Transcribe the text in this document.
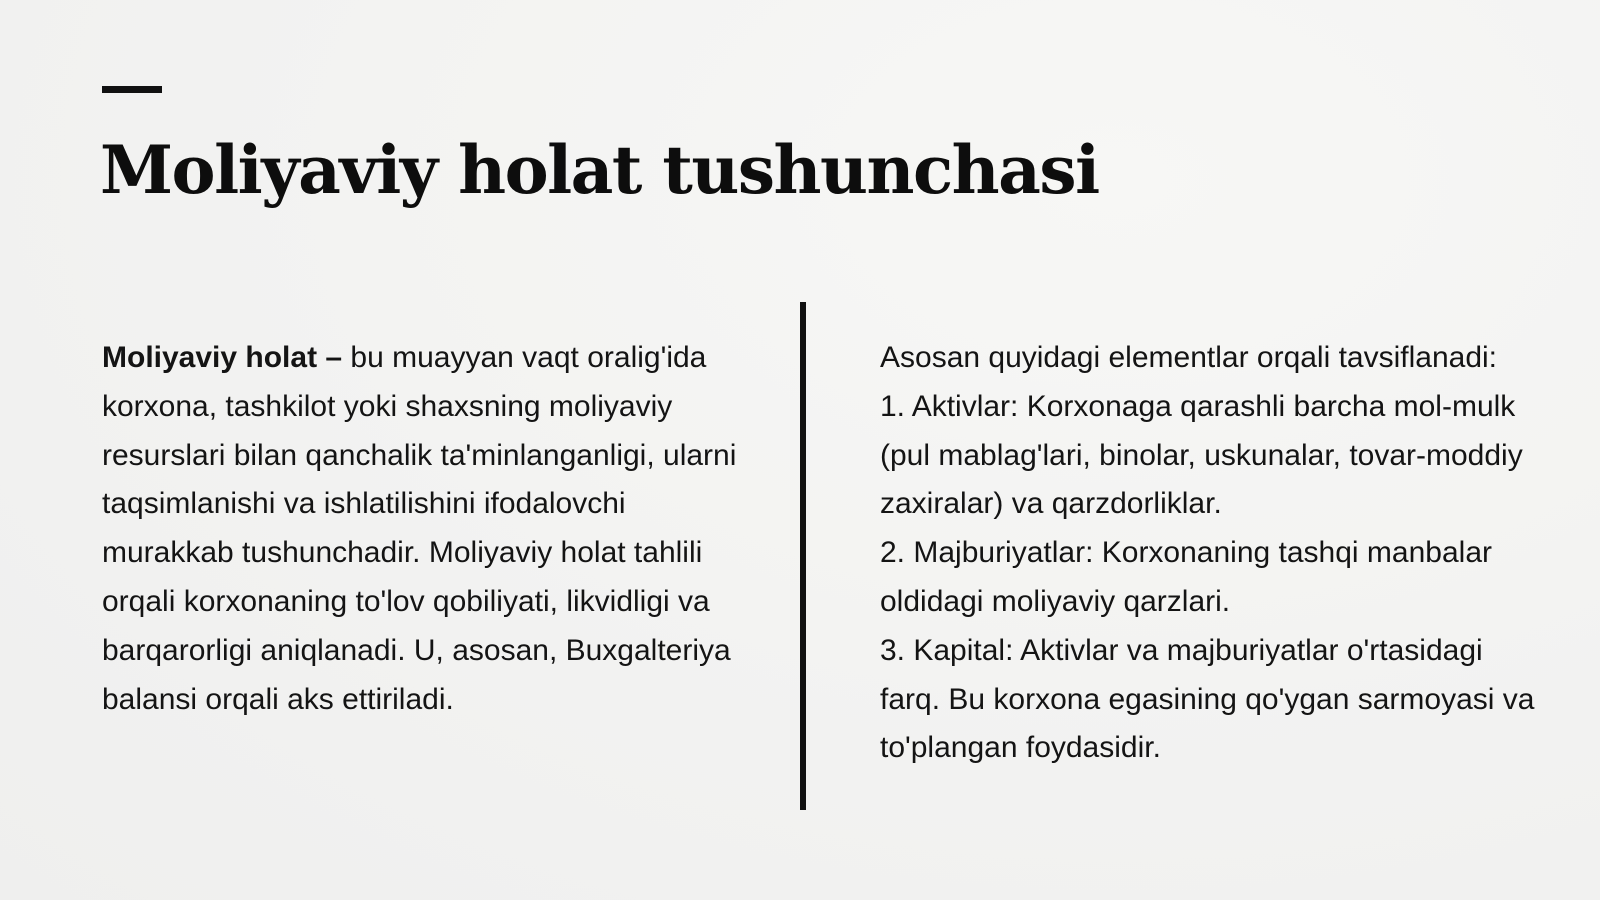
Moliyaviy holat tushunchasi
Moliyaviy holat – bu muayyan vaqt oralig'ida korxona, tashkilot yoki shaxsning moliyaviy resurslari bilan qanchalik ta'minlanganligi, ularni taqsimlanishi va ishlatilishini ifodalovchi murakkab tushunchadir. Moliyaviy holat tahlili orqali korxonaning to'lov qobiliyati, likvidligi va barqarorligi aniqlanadi. U, asosan, Buxgalteriya balansi orqali aks ettiriladi.
Asosan quyidagi elementlar orqali tavsiflanadi:
1. Aktivlar: Korxonaga qarashli barcha mol-mulk (pul mablag'lari, binolar, uskunalar, tovar-moddiy zaxiralar) va qarzdorliklar.
2. Majburiyatlar: Korxonaning tashqi manbalar oldidagi moliyaviy qarzlari.
3. Kapital: Aktivlar va majburiyatlar o'rtasidagi farq. Bu korxona egasining qo'ygan sarmoyasi va to'plangan foydasidir.
